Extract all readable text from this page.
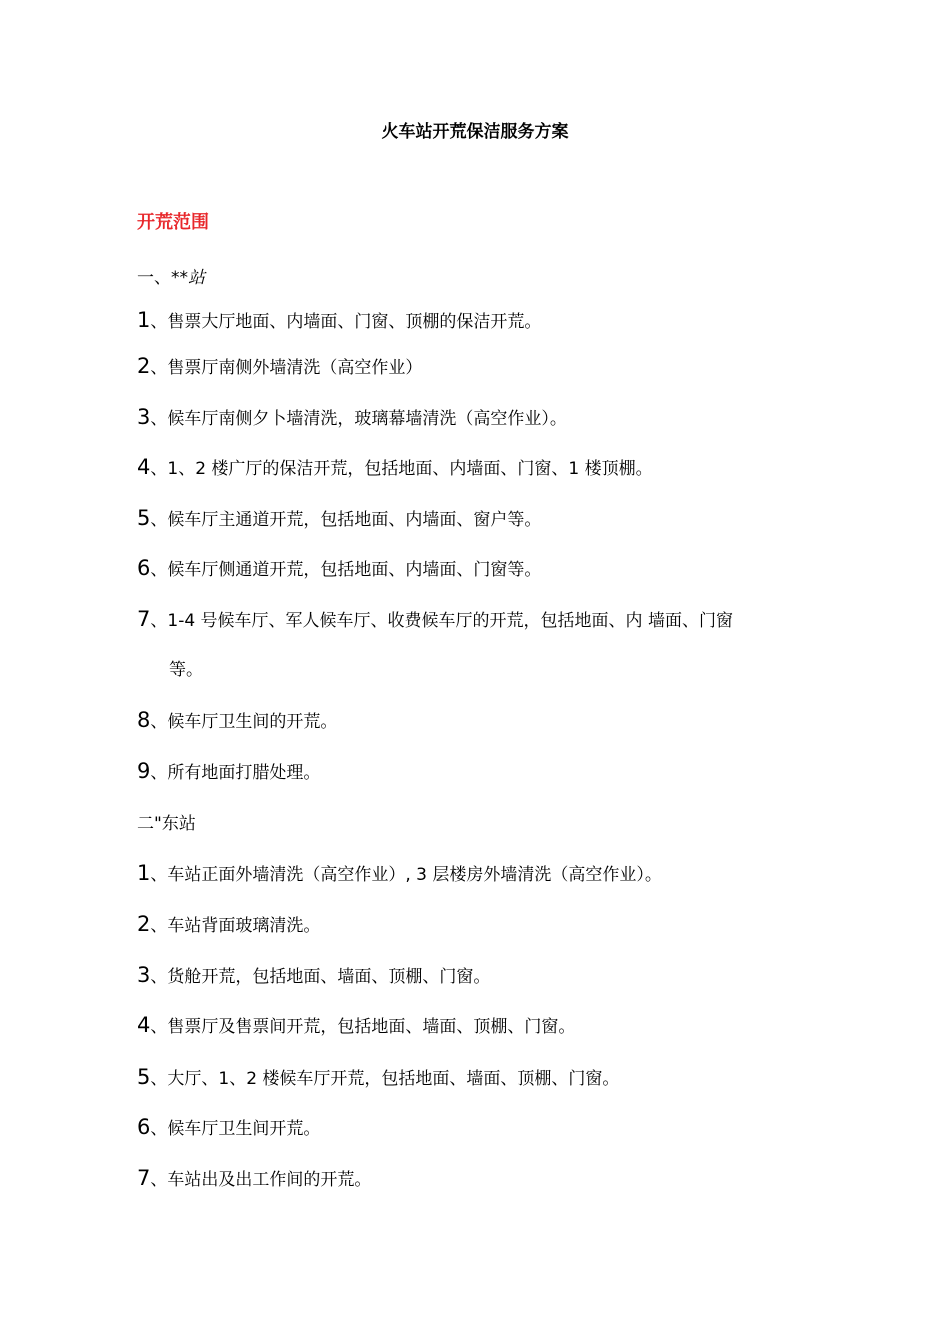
火车站开荒保洁服务方案
开荒范围
一、**站
1、售票大厅地面、内墙面、门窗、顶棚的保洁开荒。
2、售票厅南侧外墙清洗（高空作业）
3、候车厅南侧夕卜墙清洗，玻璃幕墙清洗（高空作业）。
4、1、2 楼广厅的保洁开荒，包括地面、内墙面、门窗、1 楼顶棚。
5、候车厅主通道开荒，包括地面、内墙面、窗户等。
6、候车厅侧通道开荒，包括地面、内墙面、门窗等。
7、1-4 号候车厅、军人候车厅、收费候车厅的开荒，包括地面、内 墙面、门窗
等。
8、候车厅卫生间的开荒。
9、所有地面打腊处理。
二"东站
1、车站正面外墙清洗（高空作业）, 3 层楼房外墙清洗（高空作业）。
2、车站背面玻璃清洗。
3、货舱开荒，包括地面、墙面、顶棚、门窗。
4、售票厅及售票间开荒，包括地面、墙面、顶棚、门窗。
5、大厅、1、2 楼候车厅开荒，包括地面、墙面、顶棚、门窗。
6、候车厅卫生间开荒。
7、车站出及出工作间的开荒。
